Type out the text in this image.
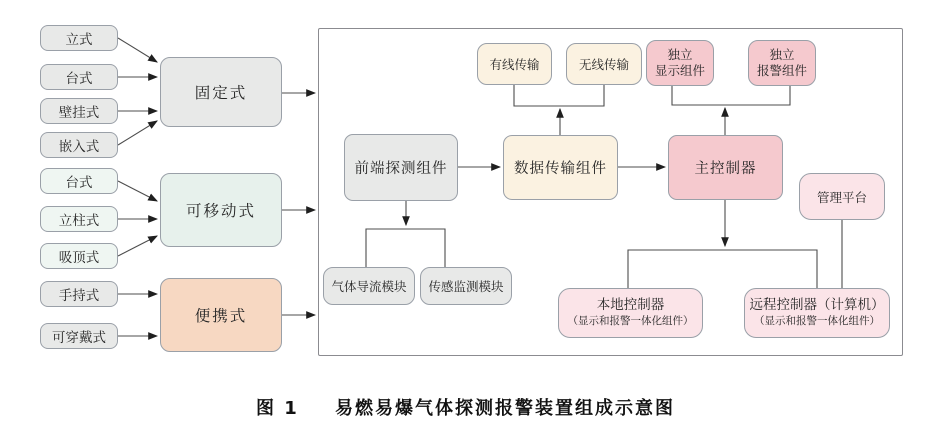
立式
台式
壁挂式
嵌入式
台式
立柱式
吸顶式
手持式
可穿戴式
固定式
可移动式
便携式
有线传输	无线传输
独立
显示组件
独立
报警组件
前端探测组件	数据传输组件	主控制器
管理平台
气体导流模块	传感监测模块
本地控制器
（显示和报警一体化组件）
远程控制器（计算机）
（显示和报警一体化组件）
图 1 易燃易爆气体探测报警装置组成示意图
